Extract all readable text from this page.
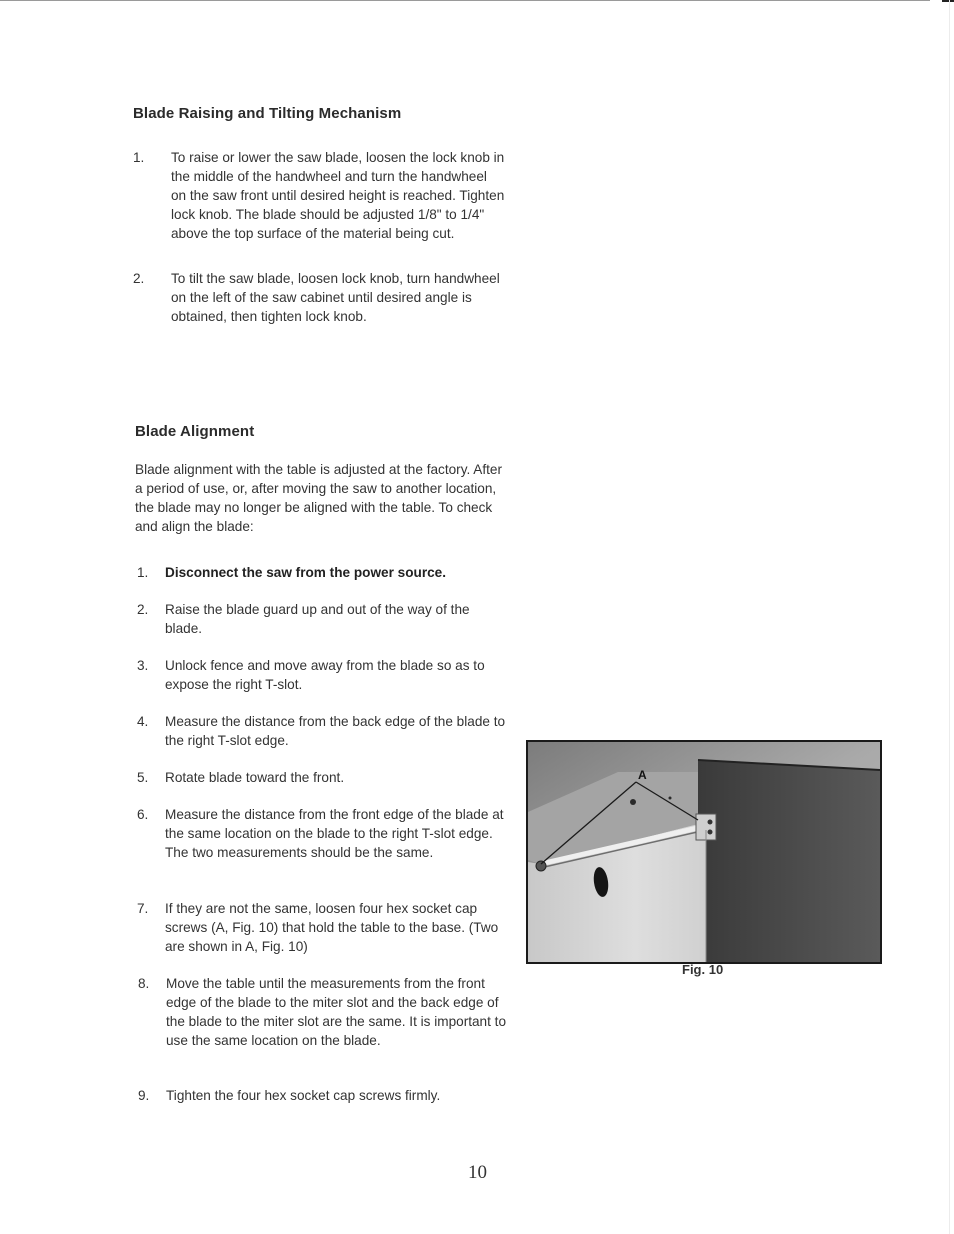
Blade Raising and Tilting Mechanism
1. To raise or lower the saw blade, loosen the lock knob in the middle of the handwheel and turn the handwheel on the saw front until desired height is reached. Tighten lock knob. The blade should be adjusted 1/8" to 1/4" above the top surface of the material being cut.
2. To tilt the saw blade, loosen lock knob, turn handwheel on the left of the saw cabinet until desired angle is obtained, then tighten lock knob.
Blade Alignment
Blade alignment with the table is adjusted at the factory. After a period of use, or, after moving the saw to another location, the blade may no longer be aligned with the table. To check and align the blade:
1. Disconnect the saw from the power source.
2. Raise the blade guard up and out of the way of the blade.
3. Unlock fence and move away from the blade so as to expose the right T-slot.
4. Measure the distance from the back edge of the blade to the right T-slot edge.
5. Rotate blade toward the front.
6. Measure the distance from the front edge of the blade at the same location on the blade to the right T-slot edge. The two measurements should be the same.
7. If they are not the same, loosen four hex socket cap screws (A, Fig. 10) that hold the table to the base. (Two are shown in A, Fig. 10)
8. Move the table until the measurements from the front edge of the blade to the miter slot and the back edge of the blade to the miter slot are the same. It is important to use the same location on the blade.
9. Tighten the four hex socket cap screws firmly.
A
Fig. 10
10
